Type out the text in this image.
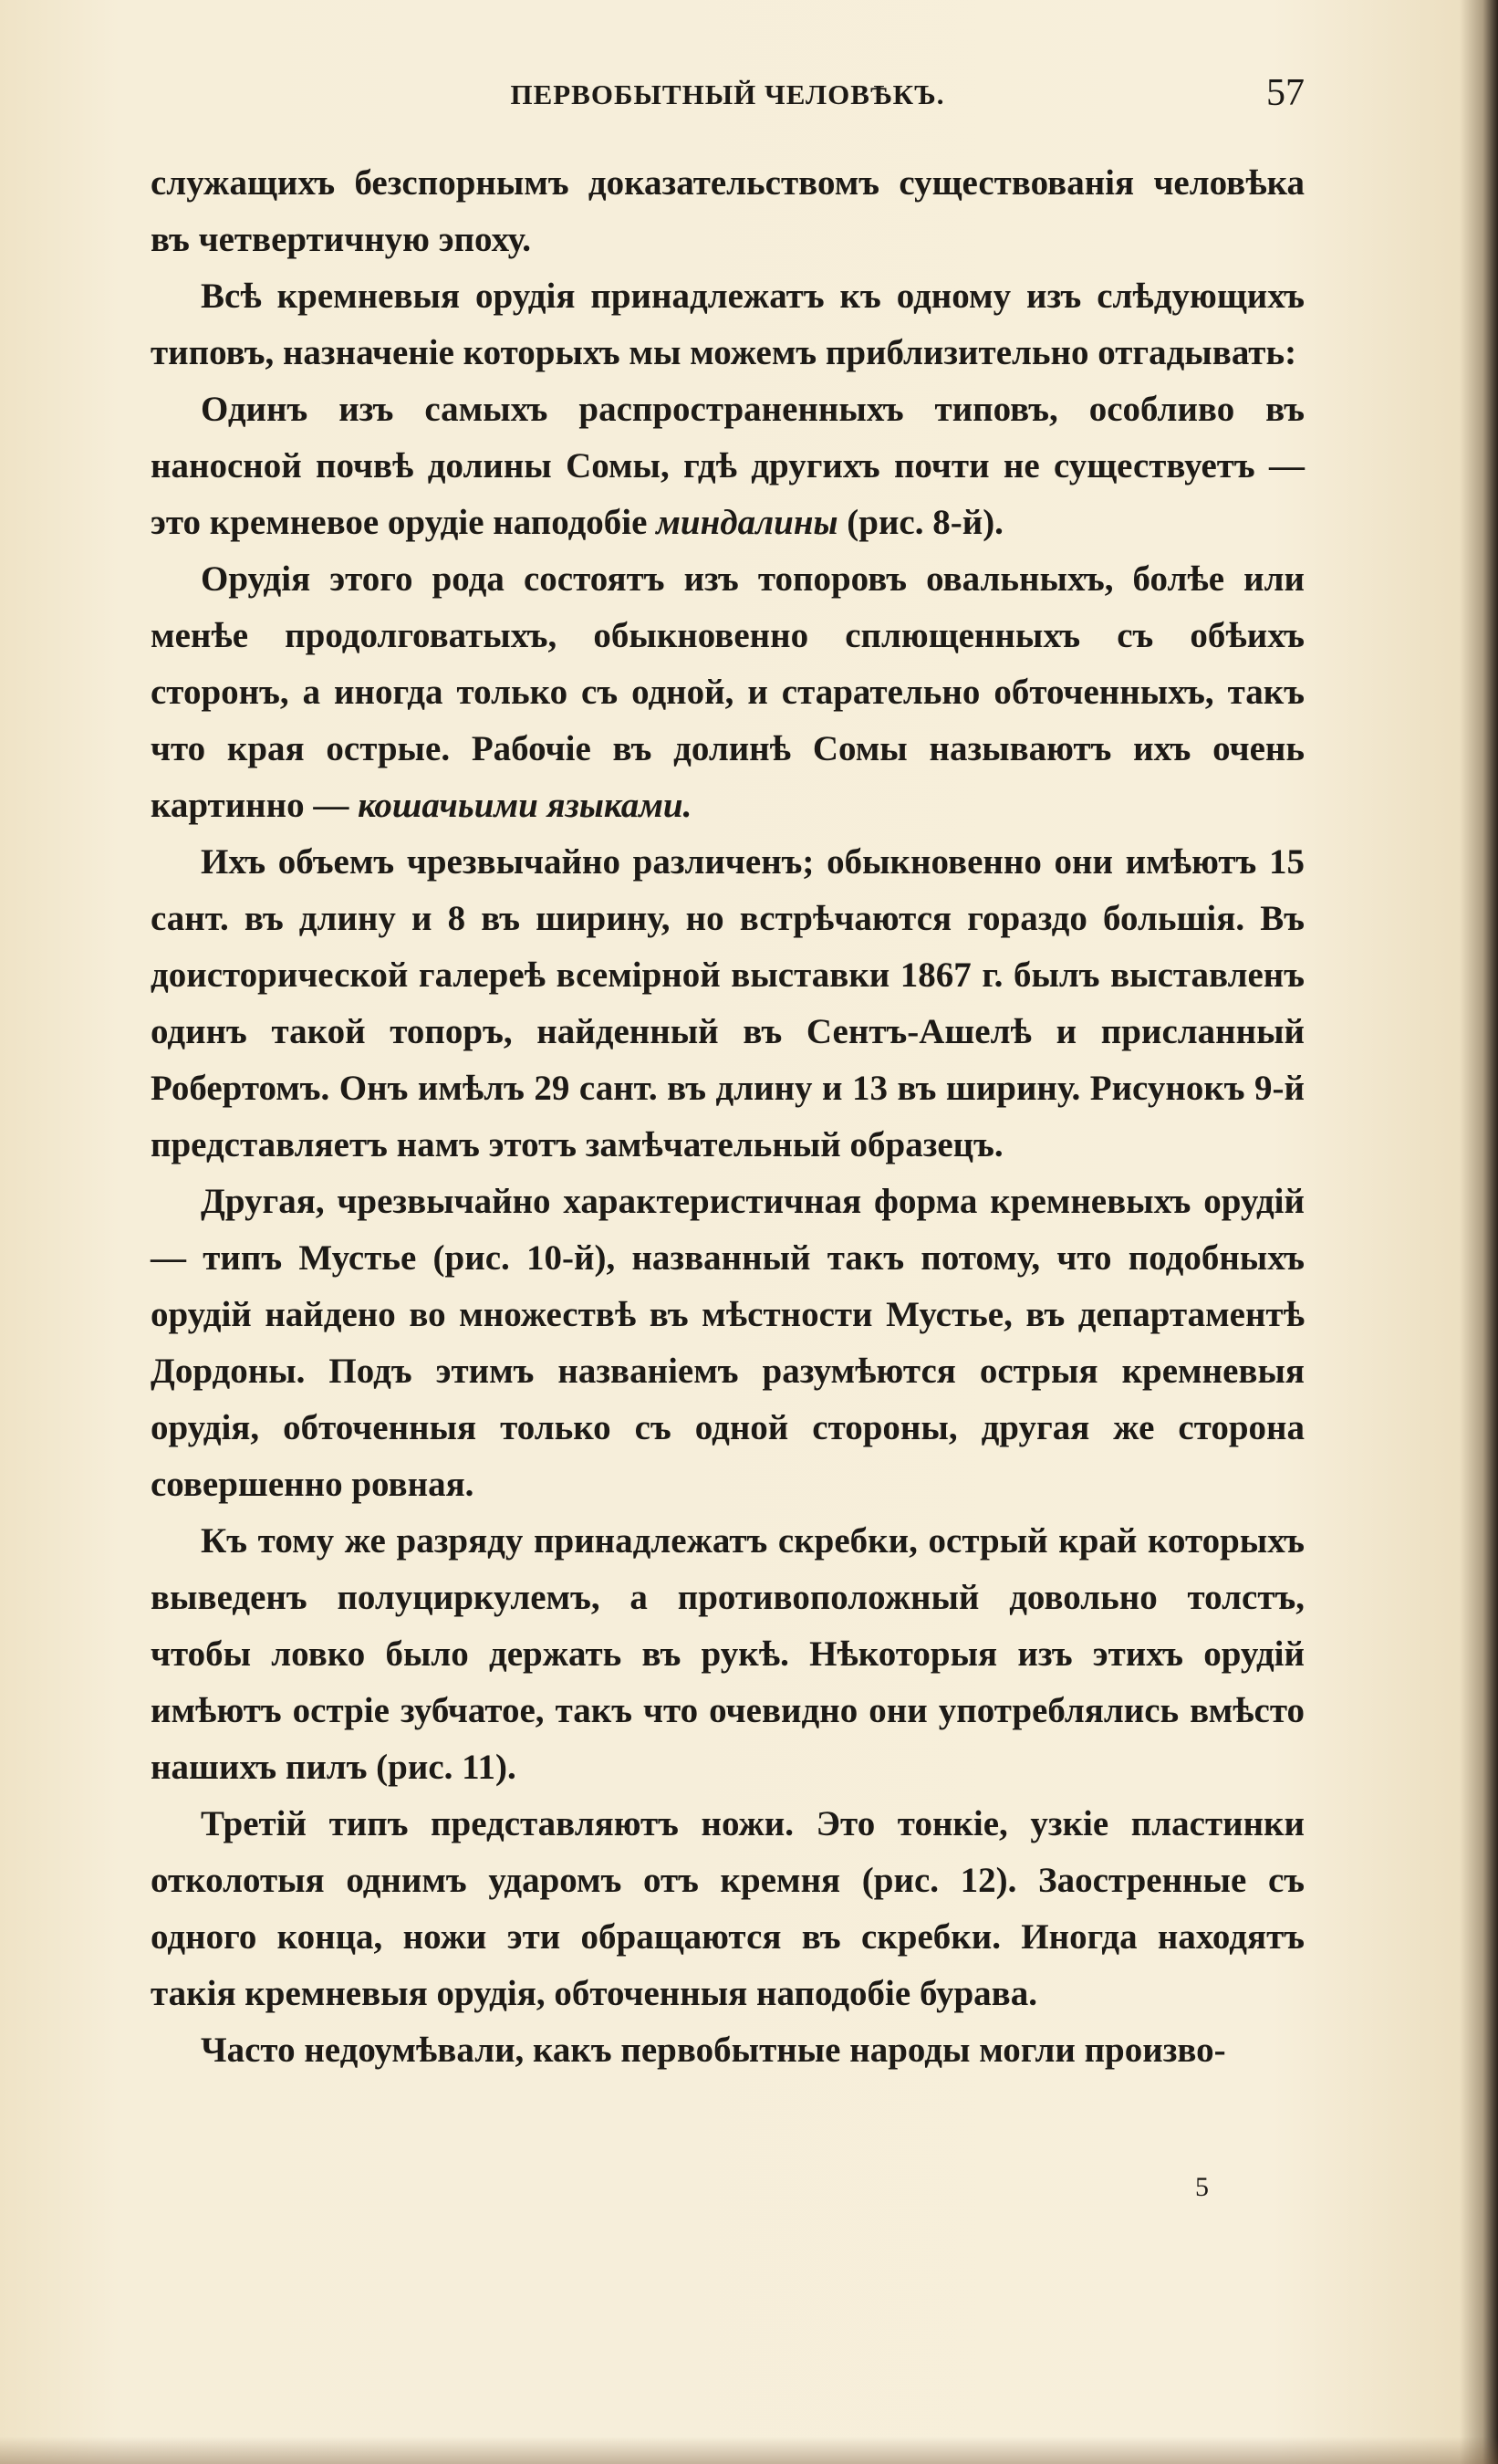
ПЕРВОБЫТНЫЙ ЧЕЛОВѢКЪ.	57

служащихъ безспорнымъ доказательствомъ существованія человѣка въ четвертичную эпоху.

Всѣ кремневыя орудія принадлежатъ къ одному изъ слѣдующихъ типовъ, назначеніе которыхъ мы можемъ приблизительно отгадывать:

Одинъ изъ самыхъ распространенныхъ типовъ, особливо въ наносной почвѣ долины Сомы, гдѣ другихъ почти не существуетъ — это кремневое орудіе наподобіе миндалины (рис. 8-й).

Орудія этого рода состоятъ изъ топоровъ овальныхъ, болѣе или менѣе продолговатыхъ, обыкновенно сплющенныхъ съ обѣихъ сторонъ, а иногда только съ одной, и старательно обточенныхъ, такъ что края острые. Рабочіе въ долинѣ Сомы называютъ ихъ очень картинно — кошачьими языками.

Ихъ объемъ чрезвычайно различенъ; обыкновенно они имѣютъ 15 сант. въ длину и 8 въ ширину, но встрѣчаются гораздо большія. Въ доисторической галереѣ всемірной выставки 1867 г. былъ выставленъ одинъ такой топоръ, найденный въ Сентъ-Ашелѣ и присланный Робертомъ. Онъ имѣлъ 29 сант. въ длину и 13 въ ширину. Рисунокъ 9-й представляетъ намъ этотъ замѣчательный образецъ.

Другая, чрезвычайно характеристичная форма кремневыхъ орудій — типъ Мустье (рис. 10-й), названный такъ потому, что подобныхъ орудій найдено во множествѣ въ мѣстности Мустье, въ департаментѣ Дордоны. Подъ этимъ названіемъ разумѣются острыя кремневыя орудія, обточенныя только съ одной стороны, другая же сторона совершенно ровная.

Къ тому же разряду принадлежатъ скребки, острый край которыхъ выведенъ полуциркулемъ, а противоположный довольно толстъ, чтобы ловко было держать въ рукѣ. Нѣкоторыя изъ этихъ орудій имѣютъ остріе зубчатое, такъ что очевидно они употреблялись вмѣсто нашихъ пилъ (рис. 11).

Третій типъ представляютъ ножи. Это тонкіе, узкіе пластинки отколотыя однимъ ударомъ отъ кремня (рис. 12). Заостренные съ одного конца, ножи эти обращаются въ скребки. Иногда находятъ такія кремневыя орудія, обточенныя наподобіе бурава.

Часто недоумѣвали, какъ первобытные народы могли произво-

5
